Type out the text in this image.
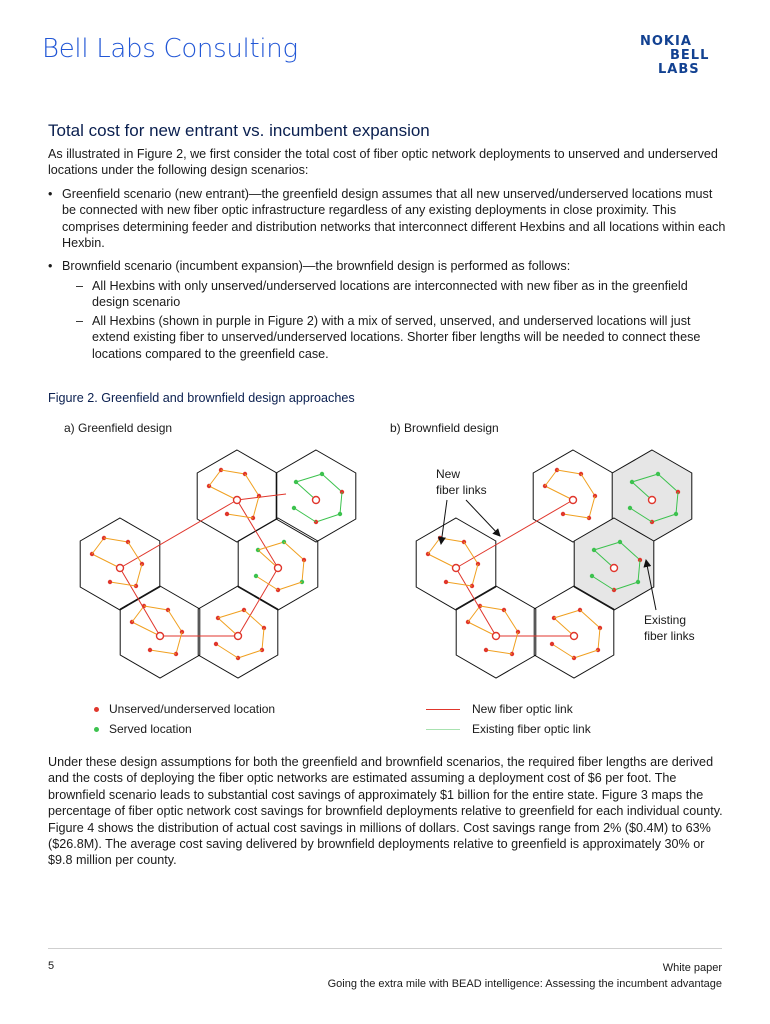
Bell Labs Consulting	NOKIA
BELL
LABS
Total cost for new entrant vs. incumbent expansion
As illustrated in Figure 2, we first consider the total cost of fiber optic network deployments to unserved and underserved locations under the following design scenarios:
• Greenfield scenario (new entrant)—the greenfield design assumes that all new unserved/underserved locations must be connected with new fiber optic infrastructure regardless of any existing deployments in close proximity. This comprises determining feeder and distribution networks that interconnect different Hexbins and all locations within each Hexbin.
• Brownfield scenario (incumbent expansion)—the brownfield design is performed as follows:
– All Hexbins with only unserved/underserved locations are interconnected with new fiber as in the greenfield design scenario
– All Hexbins (shown in purple in Figure 2) with a mix of served, unserved, and underserved locations will just extend existing fiber to unserved/underserved locations. Shorter fiber lengths will be needed to connect these locations compared to the greenfield case.
Figure 2. Greenfield and brownfield design approaches
a) Greenfield design	b) Brownfield design
New
fiber links
Existing
fiber links
Unserved/underserved location
Served location
New fiber optic link
Existing fiber optic link
Under these design assumptions for both the greenfield and brownfield scenarios, the required fiber lengths are derived and the costs of deploying the fiber optic networks are estimated assuming a deployment cost of $6 per foot. The brownfield scenario leads to substantial cost savings of approximately $1 billion for the entire state. Figure 3 maps the percentage of fiber optic network cost savings for brownfield deployments relative to greenfield for each individual county. Figure 4 shows the distribution of actual cost savings in millions of dollars. Cost savings range from 2% ($0.4M) to 63% ($26.8M). The average cost saving delivered by brownfield deployments relative to greenfield is approximately 30% or $9.8 million per county.
5	White paper
Going the extra mile with BEAD intelligence: Assessing the incumbent advantage
